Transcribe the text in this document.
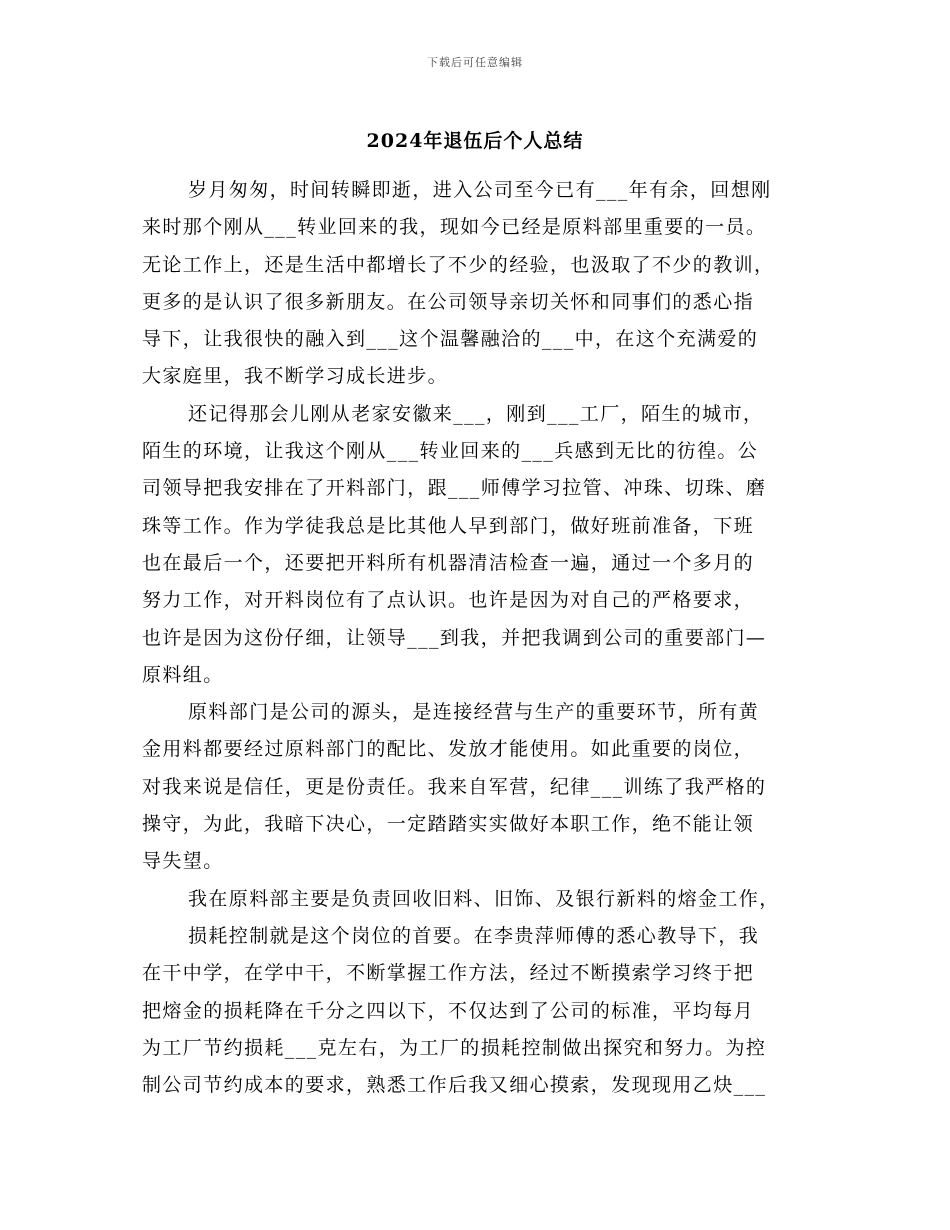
下载后可任意编辑
2024年退伍后个人总结
岁月匆匆，时间转瞬即逝，进入公司至今已有___年有余，回想刚
来时那个刚从___转业回来的我，现如今已经是原料部里重要的一员。
无论工作上，还是生活中都增长了不少的经验，也汲取了不少的教训，
更多的是认识了很多新朋友。在公司领导亲切关怀和同事们的悉心指
导下，让我很快的融入到___这个温馨融洽的___中，在这个充满爱的
大家庭里，我不断学习成长进步。
还记得那会儿刚从老家安徽来___，刚到___工厂，陌生的城市，
陌生的环境，让我这个刚从___转业回来的___兵感到无比的彷徨。公
司领导把我安排在了开料部门，跟___师傅学习拉管、冲珠、切珠、磨
珠等工作。作为学徒我总是比其他人早到部门，做好班前准备，下班
也在最后一个，还要把开料所有机器清洁检查一遍，通过一个多月的
努力工作，对开料岗位有了点认识。也许是因为对自己的严格要求，
也许是因为这份仔细，让领导___到我，并把我调到公司的重要部门—
原料组。
原料部门是公司的源头，是连接经营与生产的重要环节，所有黄
金用料都要经过原料部门的配比、发放才能使用。如此重要的岗位，
对我来说是信任，更是份责任。我来自军营，纪律___训练了我严格的
操守，为此，我暗下决心，一定踏踏实实做好本职工作，绝不能让领
导失望。
我在原料部主要是负责回收旧料、旧饰、及银行新料的熔金工作，
损耗控制就是这个岗位的首要。在李贵萍师傅的悉心教导下，我
在干中学，在学中干，不断掌握工作方法，经过不断摸索学习终于把
把熔金的损耗降在千分之四以下，不仅达到了公司的标准，平均每月
为工厂节约损耗___克左右，为工厂的损耗控制做出探究和努力。为控
制公司节约成本的要求，熟悉工作后我又细心摸索，发现现用乙炔___
